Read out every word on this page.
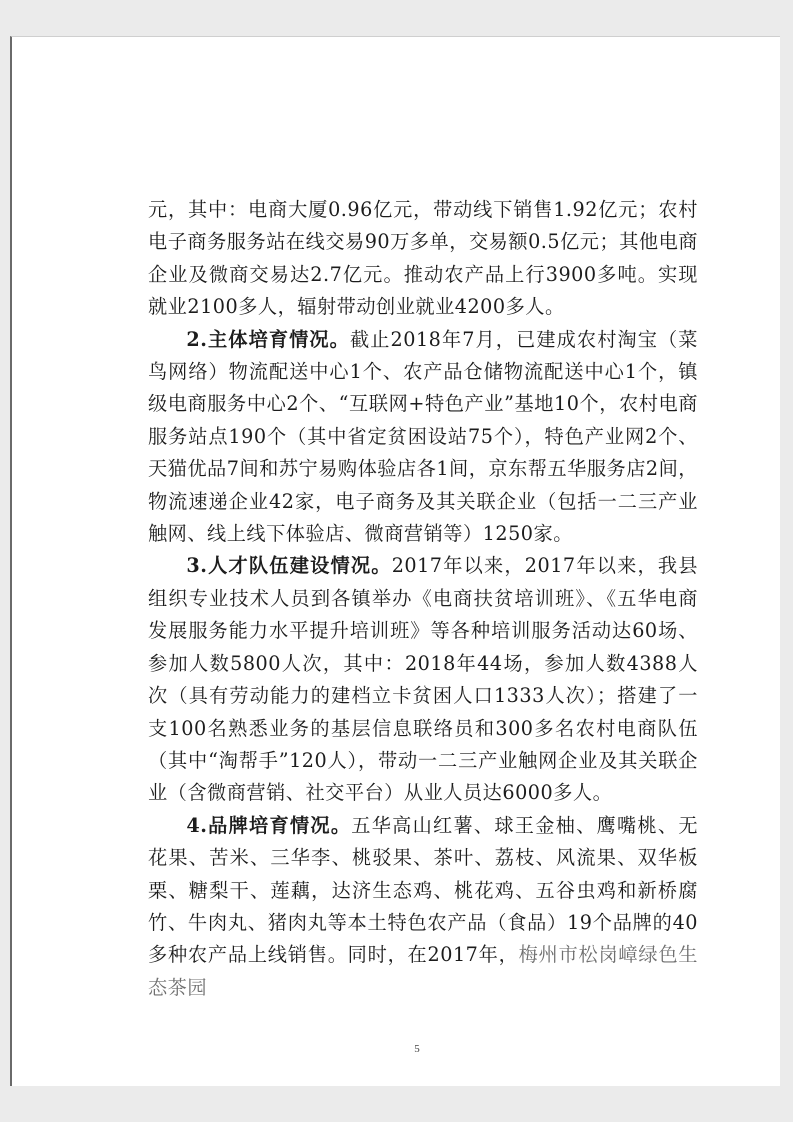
元，其中：电商大厦0.96亿元，带动线下销售1.92亿元；农村电子商务服务站在线交易90万多单，交易额0.5亿元；其他电商企业及微商交易达2.7亿元。推动农产品上行3900多吨。实现就业2100多人，辐射带动创业就业4200多人。

2.主体培育情况。截止2018年7月，已建成农村淘宝（菜鸟网络）物流配送中心1个、农产品仓储物流配送中心1个，镇级电商服务中心2个、“互联网+特色产业”基地10个，农村电商服务站点190个（其中省定贫困设站75个），特色产业网2个、天猫优品7间和苏宁易购体验店各1间，京东帮五华服务店2间，物流速递企业42家，电子商务及其关联企业（包括一二三产业触网、线上线下体验店、微商营销等）1250家。

3.人才队伍建设情况。2017年以来，2017年以来，我县组织专业技术人员到各镇举办《电商扶贫培训班》、《五华电商发展服务能力水平提升培训班》等各种培训服务活动达60场、参加人数5800人次，其中：2018年44场，参加人数4388人次（具有劳动能力的建档立卡贫困人口1333人次）；搭建了一支100名熟悉业务的基层信息联络员和300多名农村电商队伍（其中“淘帮手”120人），带动一二三产业触网企业及其关联企业（含微商营销、社交平台）从业人员达6000多人。

4.品牌培育情况。五华高山红薯、球王金柚、鹰嘴桃、无花果、苦米、三华李、桃驳果、茶叶、荔枝、风流果、双华板栗、糖梨干、莲藕，达济生态鸡、桃花鸡、五谷虫鸡和新桥腐竹、牛肉丸、猪肉丸等本土特色农产品（食品）19个品牌的40多种农产品上线销售。同时，在2017年，梅州市松岗嶂绿色生态茶园

5
